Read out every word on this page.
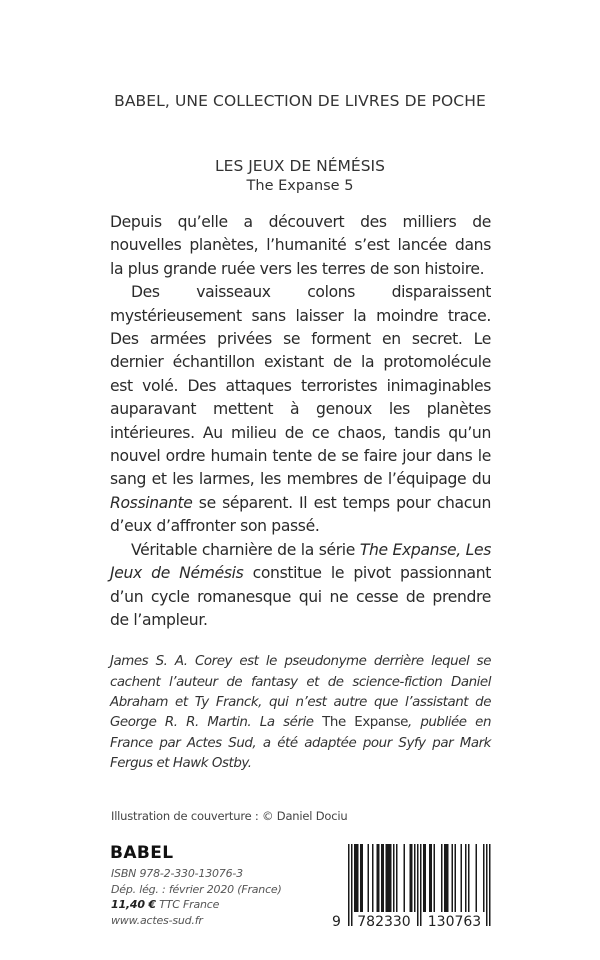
BABEL, UNE COLLECTION DE LIVRES DE POCHE
LES JEUX DE NÉMÉSIS
The Expanse 5

Depuis qu’elle a découvert des milliers de nouvelles planètes, l’humanité s’est lancée dans la plus grande ruée vers les terres de son histoire.

Des vaisseaux colons disparaissent mystérieusement sans laisser la moindre trace. Des armées privées se forment en secret. Le dernier échantillon existant de la protomolécule est volé. Des attaques terroristes inimaginables auparavant mettent à genoux les planètes intérieures. Au milieu de ce chaos, tandis qu’un nouvel ordre humain tente de se faire jour dans le sang et les larmes, les membres de l’équipage du Rossinante se séparent. Il est temps pour chacun d’eux d’affronter son passé.

Véritable charnière de la série The Expanse, Les Jeux de Némésis constitue le pivot passionnant d’un cycle romanesque qui ne cesse de prendre de l’ampleur.

James S. A. Corey est le pseudonyme derrière lequel se cachent l’auteur de fantasy et de science-fiction Daniel Abraham et Ty Franck, qui n’est autre que l’assistant de George R. R. Martin. La série The Expanse, publiée en France par Actes Sud, a été adaptée pour Syfy par Mark Fergus et Hawk Ostby.
Illustration de couverture : © Daniel Dociu
BABEL
ISBN 978-2-330-13076-3
Dép. lég. : février 2020 (France)
11,40 € TTC France
www.actes-sud.fr	9 782330 130763
